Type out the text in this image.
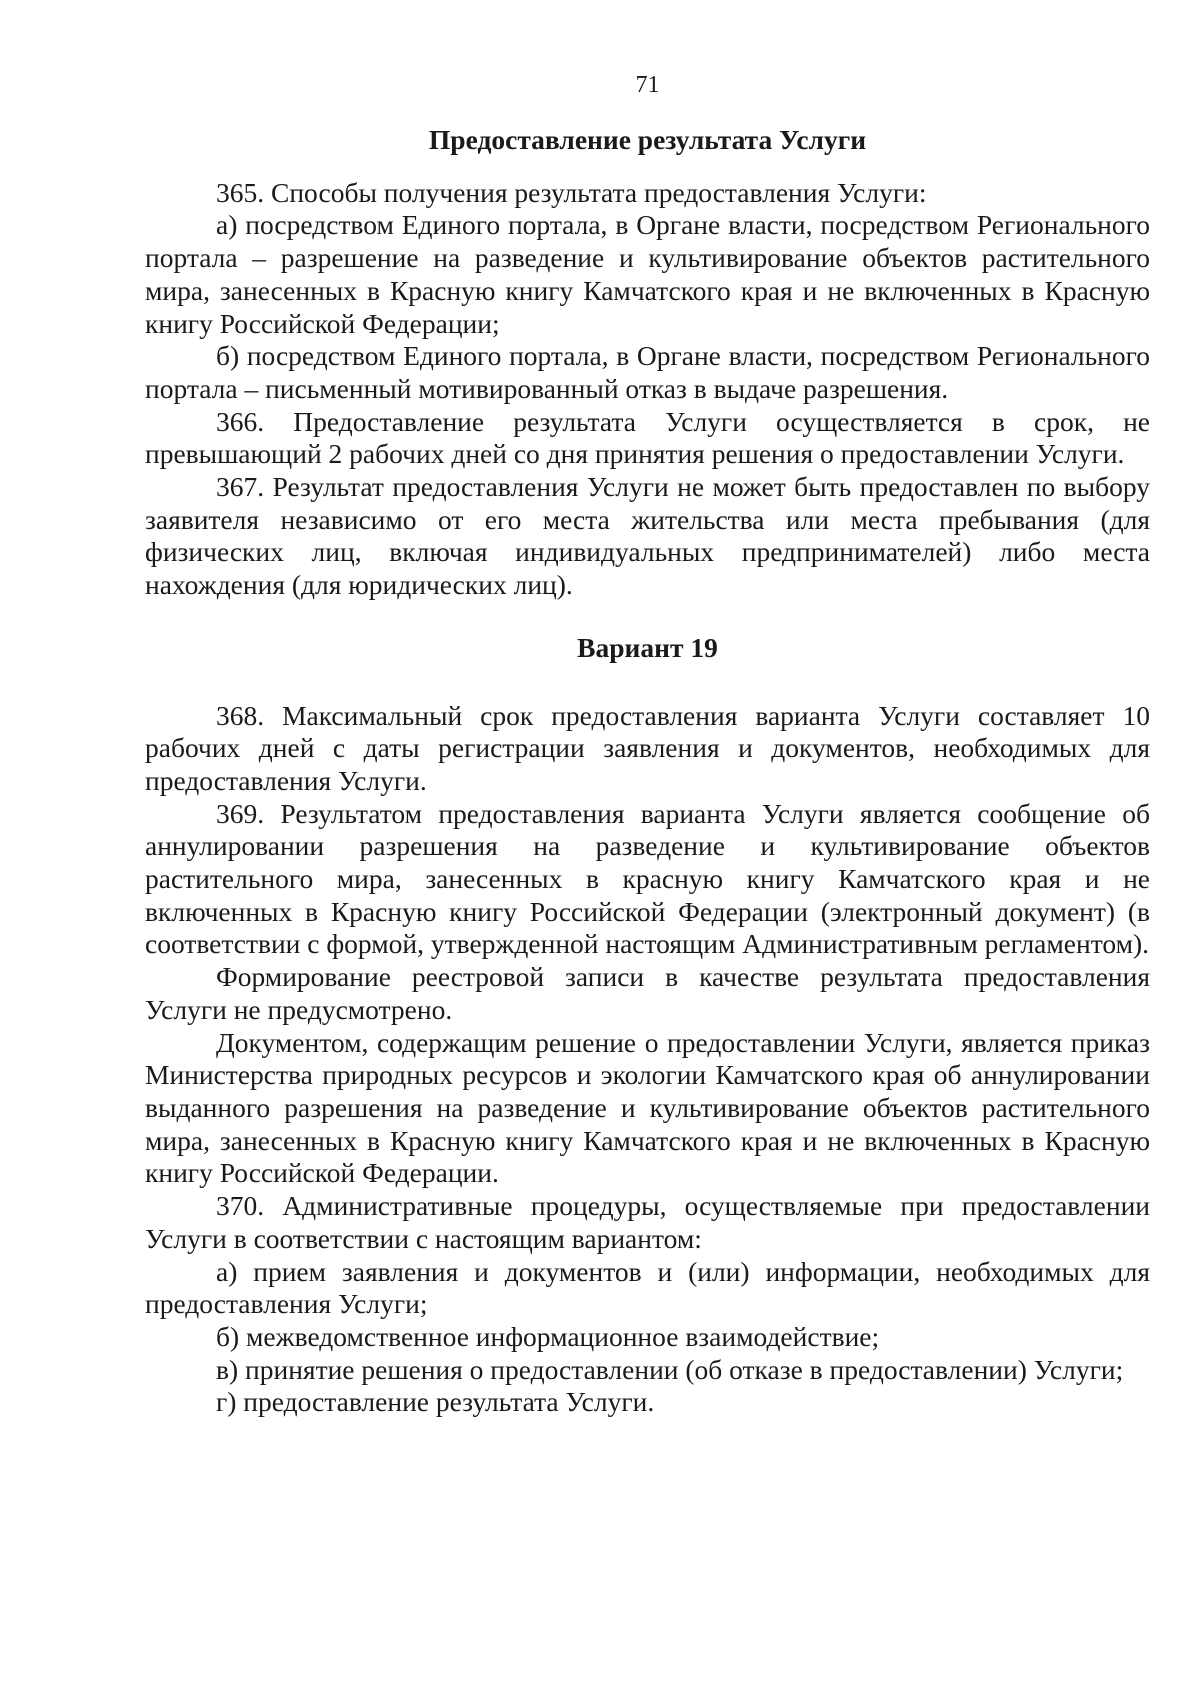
71
Предоставление результата Услуги

365. Способы получения результата предоставления Услуги:

а) посредством Единого портала, в Органе власти, посредством Регионального портала – разрешение на разведение и культивирование объектов растительного мира, занесенных в Красную книгу Камчатского края и не включенных в Красную книгу Российской Федерации;

б) посредством Единого портала, в Органе власти, посредством Регионального портала – письменный мотивированный отказ в выдаче разрешения.

366. Предоставление результата Услуги осуществляется в срок, не превышающий 2 рабочих дней со дня принятия решения о предоставлении Услуги.

367. Результат предоставления Услуги не может быть предоставлен по выбору заявителя независимо от его места жительства или места пребывания (для физических лиц, включая индивидуальных предпринимателей) либо места нахождения (для юридических лиц).

Вариант 19

368. Максимальный срок предоставления варианта Услуги составляет 10 рабочих дней с даты регистрации заявления и документов, необходимых для предоставления Услуги.

369. Результатом предоставления варианта Услуги является сообщение об аннулировании разрешения на разведение и культивирование объектов растительного мира, занесенных в красную книгу Камчатского края и не включенных в Красную книгу Российской Федерации (электронный документ) (в соответствии с формой, утвержденной настоящим Административным регламентом).

Формирование реестровой записи в качестве результата предоставления Услуги не предусмотрено.

Документом, содержащим решение о предоставлении Услуги, является приказ Министерства природных ресурсов и экологии Камчатского края об аннулировании выданного разрешения на разведение и культивирование объектов растительного мира, занесенных в Красную книгу Камчатского края и не включенных в Красную книгу Российской Федерации.

370. Административные процедуры, осуществляемые при предоставлении Услуги в соответствии с настоящим вариантом:

а) прием заявления и документов и (или) информации, необходимых для предоставления Услуги;

б) межведомственное информационное взаимодействие;

в) принятие решения о предоставлении (об отказе в предоставлении) Услуги;

г) предоставление результата Услуги.
